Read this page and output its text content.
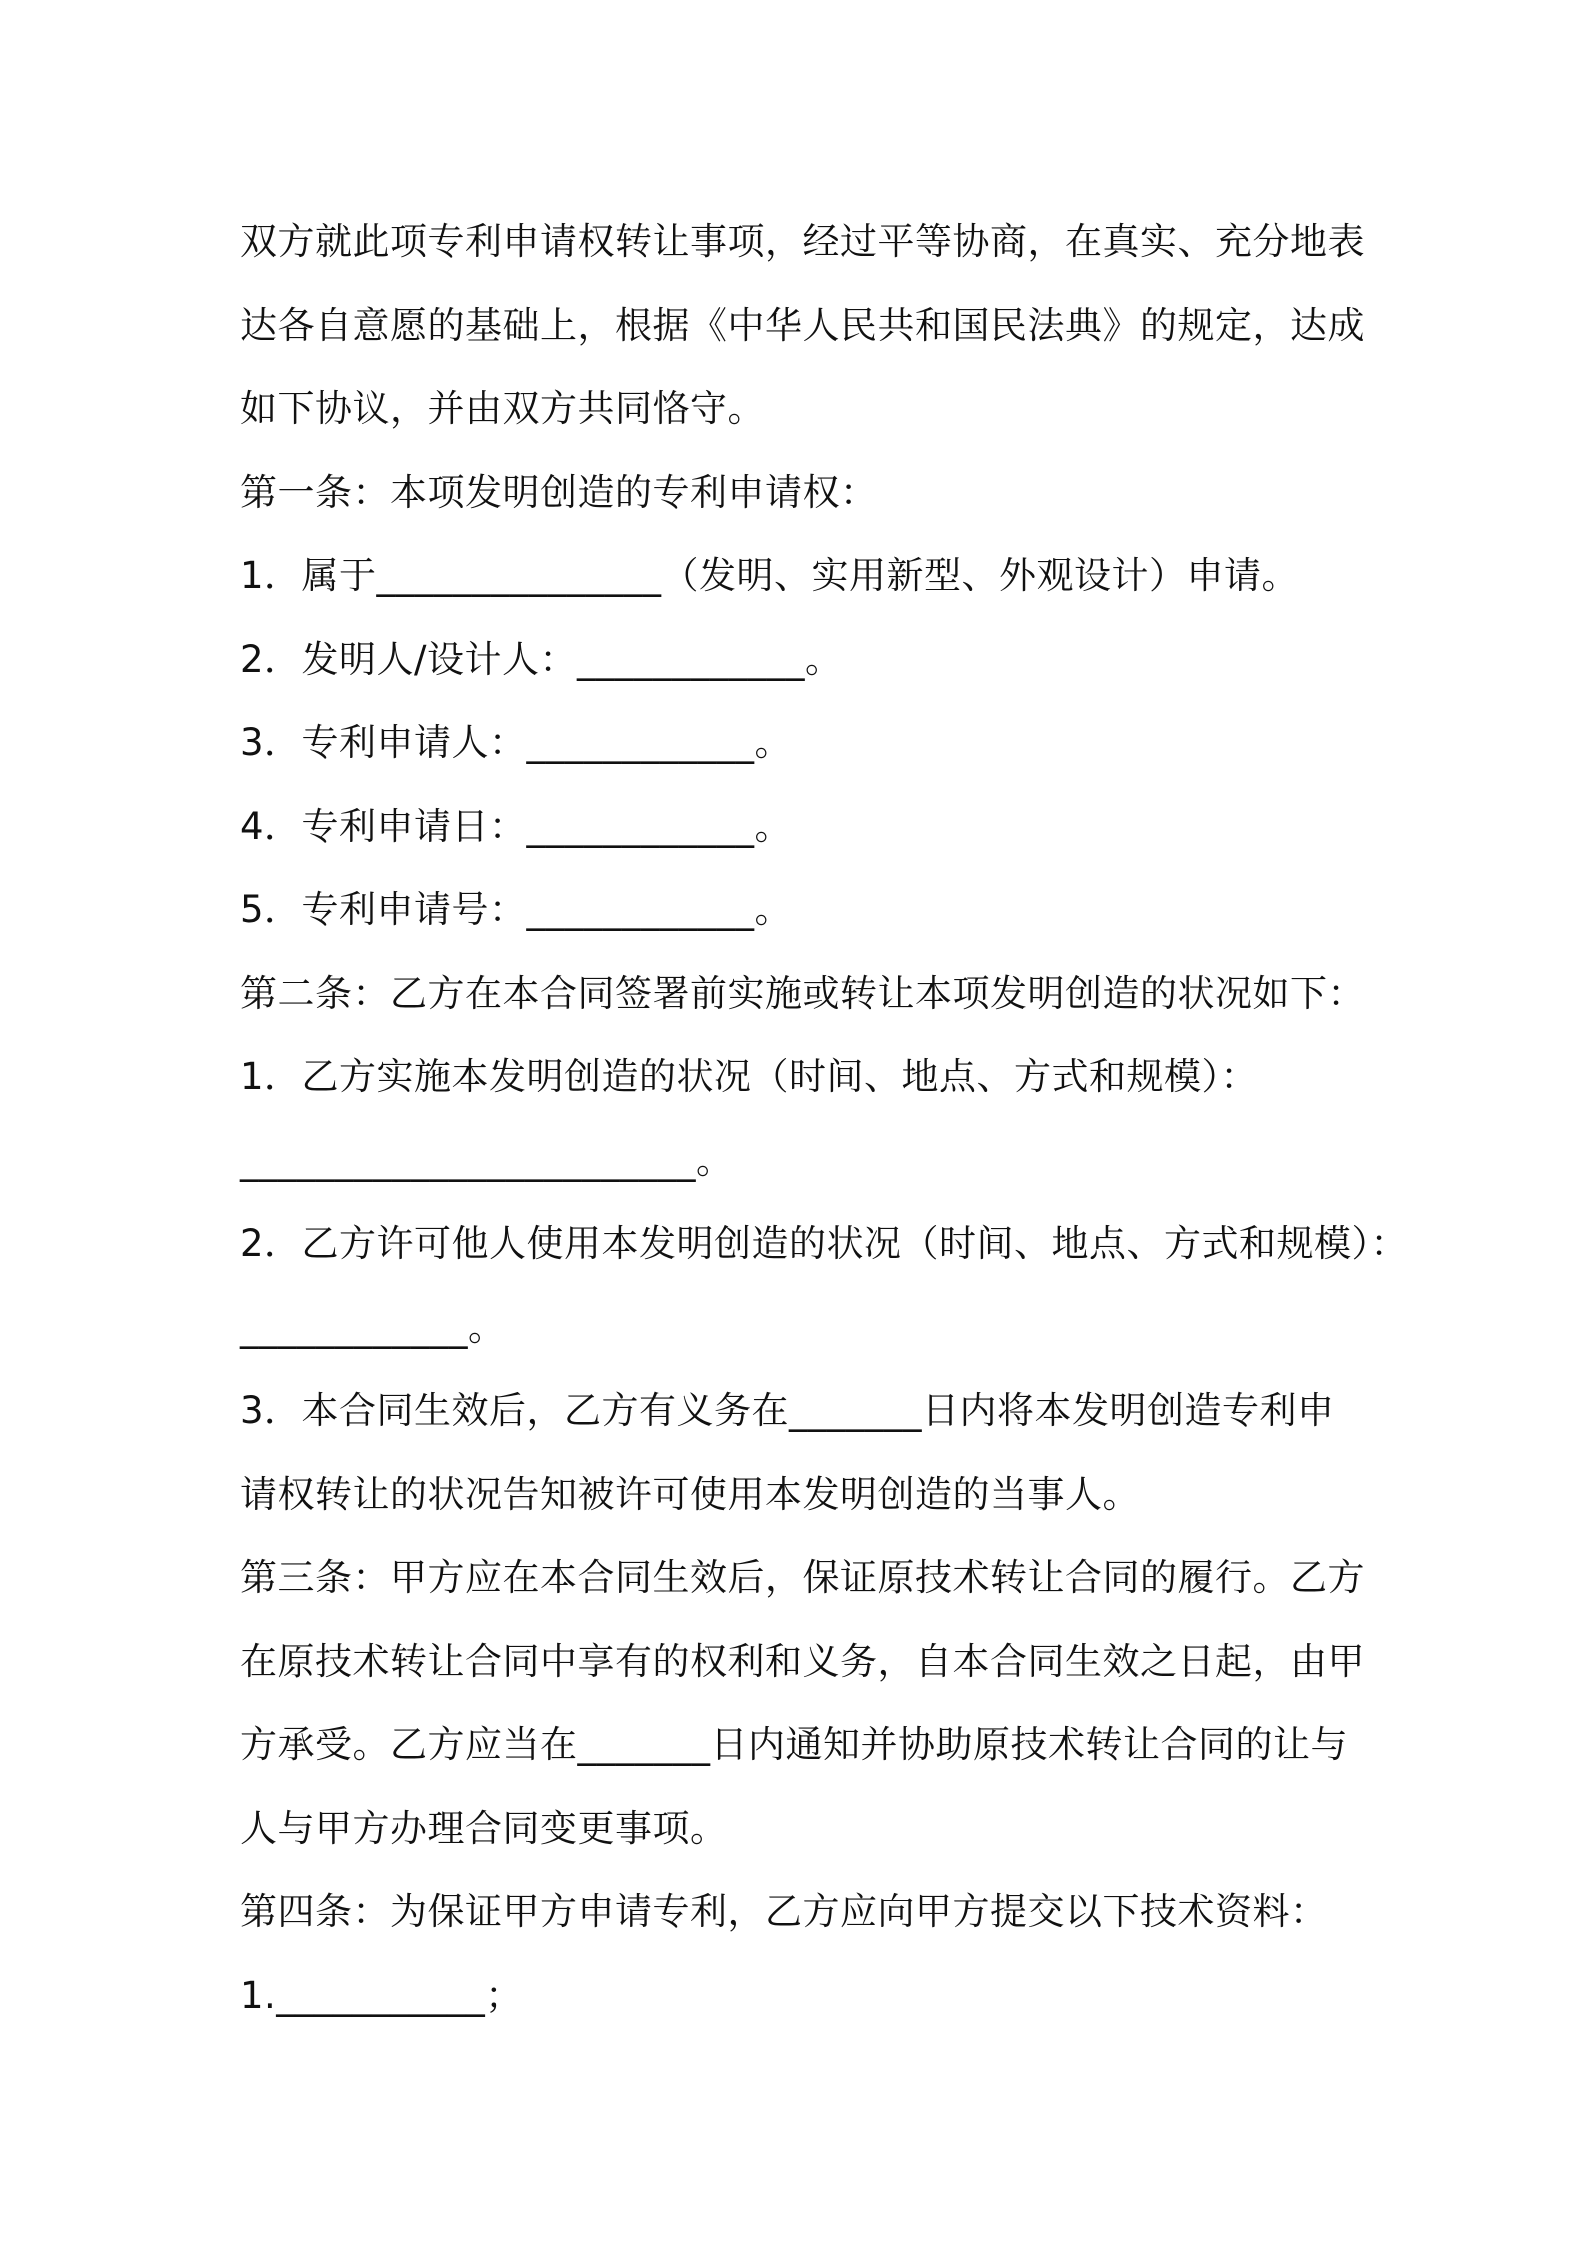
双方就此项专利申请权转让事项，经过平等协商，在真实、充分地表
达各自意愿的基础上，根据《中华人民共和国民法典》的规定，达成
如下协议，并由双方共同恪守。
第一条：本项发明创造的专利申请权：
1．属于_______________（发明、实用新型、外观设计）申请。
2．发明人/设计人：____________。
3．专利申请人：____________。
4．专利申请日：____________。
5．专利申请号：____________。
第二条：乙方在本合同签署前实施或转让本项发明创造的状况如下：
1．乙方实施本发明创造的状况（时间、地点、方式和规模）：
________________________。
2．乙方许可他人使用本发明创造的状况（时间、地点、方式和规模）：
____________。
3．本合同生效后，乙方有义务在_______日内将本发明创造专利申
请权转让的状况告知被许可使用本发明创造的当事人。
第三条：甲方应在本合同生效后，保证原技术转让合同的履行。乙方
在原技术转让合同中享有的权利和义务，自本合同生效之日起，由甲
方承受。乙方应当在_______日内通知并协助原技术转让合同的让与
人与甲方办理合同变更事项。
第四条：为保证甲方申请专利，乙方应向甲方提交以下技术资料：
1.___________；
